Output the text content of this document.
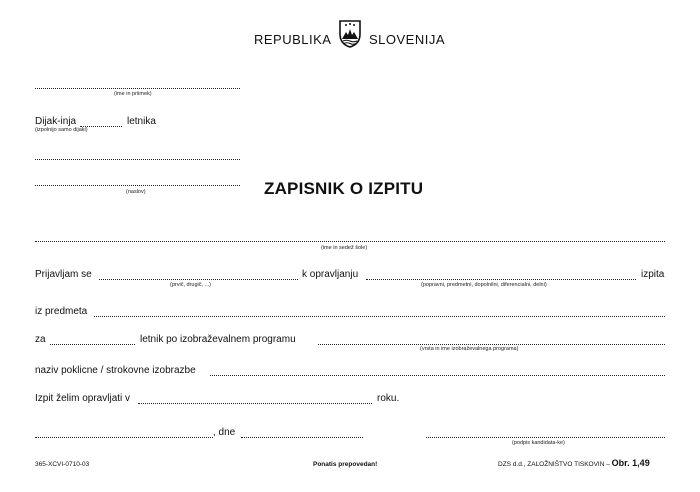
REPUBLIKA	SLOVENIJA
(ime in priimek)
Dijak-inja	letnika
(izpolnijo samo dijaki)
(naslov)	ZAPISNIK O IZPITU
(ime in sedež šole)
Prijavljam se
(prvič, drugič, ...)
k opravljanju
(popravni, predmetni, dopolnilni, diferencialni, delni)
izpita
iz predmeta
za	letnik po izobraževalnem programu
(vrsta in ime izobraževalnega programa)
naziv poklicne / strokovne izobrazbe
Izpit želim opravljati v	roku.
, dne
(podpis kandidata-ke)
365-XCVI-0710-03	Ponatis prepovedan!	DZS d.d., ZALOŽNIŠTVO TISKOVIN – Obr. 1,49
